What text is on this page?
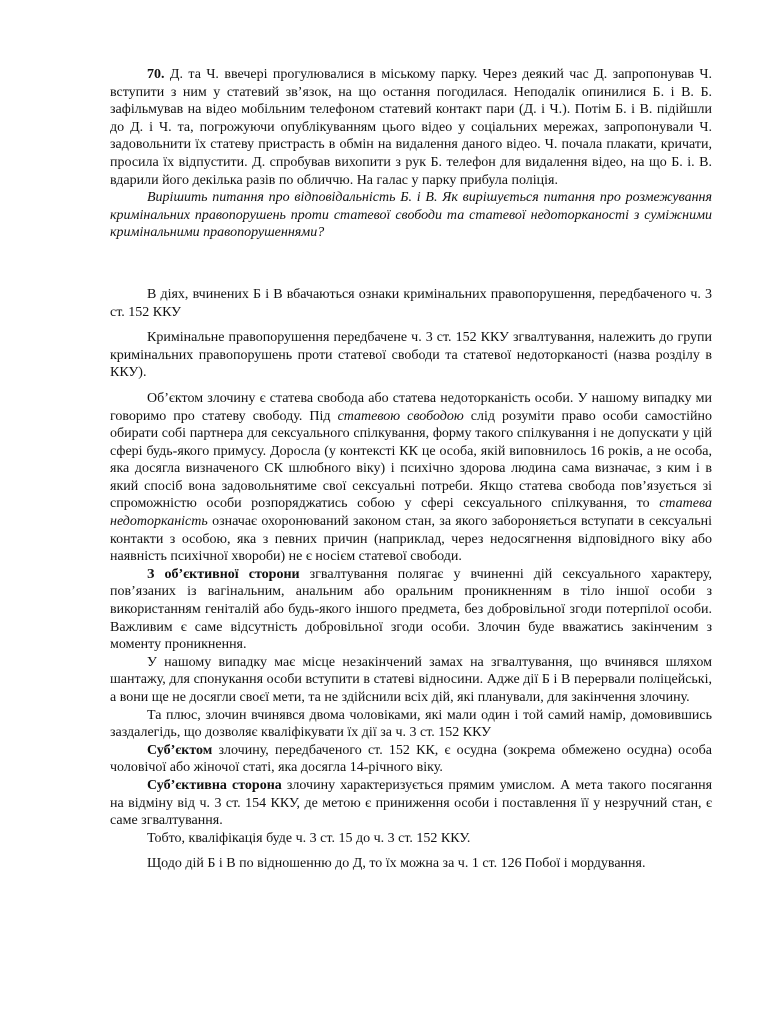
70. Д. та Ч. ввечері прогулювалися в міському парку. Через деякий час Д. запропонував Ч. вступити з ним у статевий зв’язок, на що остання погодилася. Неподалік опинилися Б. і В. Б. зафільмував на відео мобільним телефоном статевий контакт пари (Д. і Ч.). Потім Б. і В. підійшли до Д. і Ч. та, погрожуючи опублікуванням цього відео у соціальних мережах, запропонували Ч. задовольнити їх статеву пристрасть в обмін на видалення даного відео. Ч. почала плакати, кричати, просила їх відпустити. Д. спробував вихопити з рук Б. телефон для видалення відео, на що Б. і. В. вдарили його декілька разів по обличчю. На галас у парку прибула поліція.

Вирішить питання про відповідальність Б. і В. Як вирішується питання про розмежування кримінальних правопорушень проти статевої свободи та статевої недоторканості з суміжними кримінальними правопорушеннями?

В діях, вчинених Б і В вбачаються ознаки кримінальних правопорушення, передбаченого ч. 3 ст. 152 ККУ

Кримінальне правопорушення передбачене ч. 3 ст. 152 ККУ згвалтування, належить до групи кримінальних правопорушень проти статевої свободи та статевої недоторканості (назва розділу в ККУ).

Об’єктом злочину є статева свобода або статева недоторканість особи. У нашому випадку ми говоримо про статеву свободу. Під статевою свободою слід розуміти право особи самостійно обирати собі партнера для сексуального спілкування, форму такого спілкування і не допускати у цій сфері будь-якого примусу. Доросла (у контексті КК це особа, якій виповнилось 16 років, а не особа, яка досягла визначеного СК шлюбного віку) і психічно здорова людина сама визначає, з ким і в який спосіб вона задовольнятиме свої сексуальні потреби. Якщо статева свобода пов’язується зі спроможністю особи розпоряджатись собою у сфері сексуального спілкування, то статева недоторканість означає охоронюваний законом стан, за якого забороняється вступати в сексуальні контакти з особою, яка з певних причин (наприклад, через недосягнення відповідного віку або наявність психічної хвороби) не є носієм статевої свободи.

З об’єктивної сторони згвалтування полягає у вчиненні дій сексуального характеру, пов’язаних із вагінальним, анальним або оральним проникненням в тіло іншої особи з використанням геніталій або будь-якого іншого предмета, без добровільної згоди потерпілої особи. Важливим є саме відсутність добровільної згоди особи. Злочин буде вважатись закінченим з моменту проникнення.

У нашому випадку має місце незакінчений замах на згвалтування, що вчинявся шляхом шантажу, для спонукання особи вступити в статеві відносини. Адже дії Б і В перервали поліцейські, а вони ще не досягли своєї мети, та не здійснили всіх дій, які планували, для закінчення злочину.

Та плюс, злочин вчинявся двома чоловіками, які мали один і той самий намір, домовившись заздалегідь, що дозволяє кваліфікувати їх дії за ч. 3 ст. 152 ККУ

Суб’єктом злочину, передбаченого ст. 152 КК, є осудна (зокрема обмежено осудна) особа чоловічої або жіночої статі, яка досягла 14-річного віку.

Суб’єктивна сторона злочину характеризується прямим умислом. А мета такого посягання на відміну від ч. 3 ст. 154 ККУ, де метою є приниження особи і поставлення її у незручний стан, є саме згвалтування.

Тобто, кваліфікація буде ч. 3 ст. 15 до ч. 3 ст. 152 ККУ.

Щодо дій Б і В по відношенню до Д, то їх можна за ч. 1 ст. 126 Побої і мордування.
